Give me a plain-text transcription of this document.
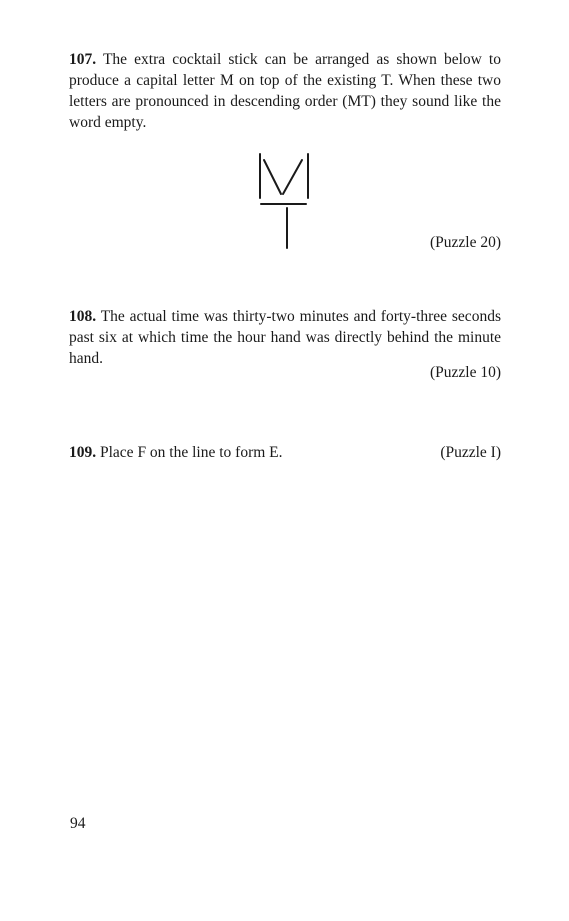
107. The extra cocktail stick can be arranged as shown below to produce a capital letter M on top of the existing T. When these two letters are pronounced in descending order (MT) they sound like the word empty.

(Puzzle 20)

108. The actual time was thirty-two minutes and forty-three seconds past six at which time the hour hand was directly behind the minute hand.

(Puzzle 10)

109. Place F on the line to form E.	(Puzzle I)
94
